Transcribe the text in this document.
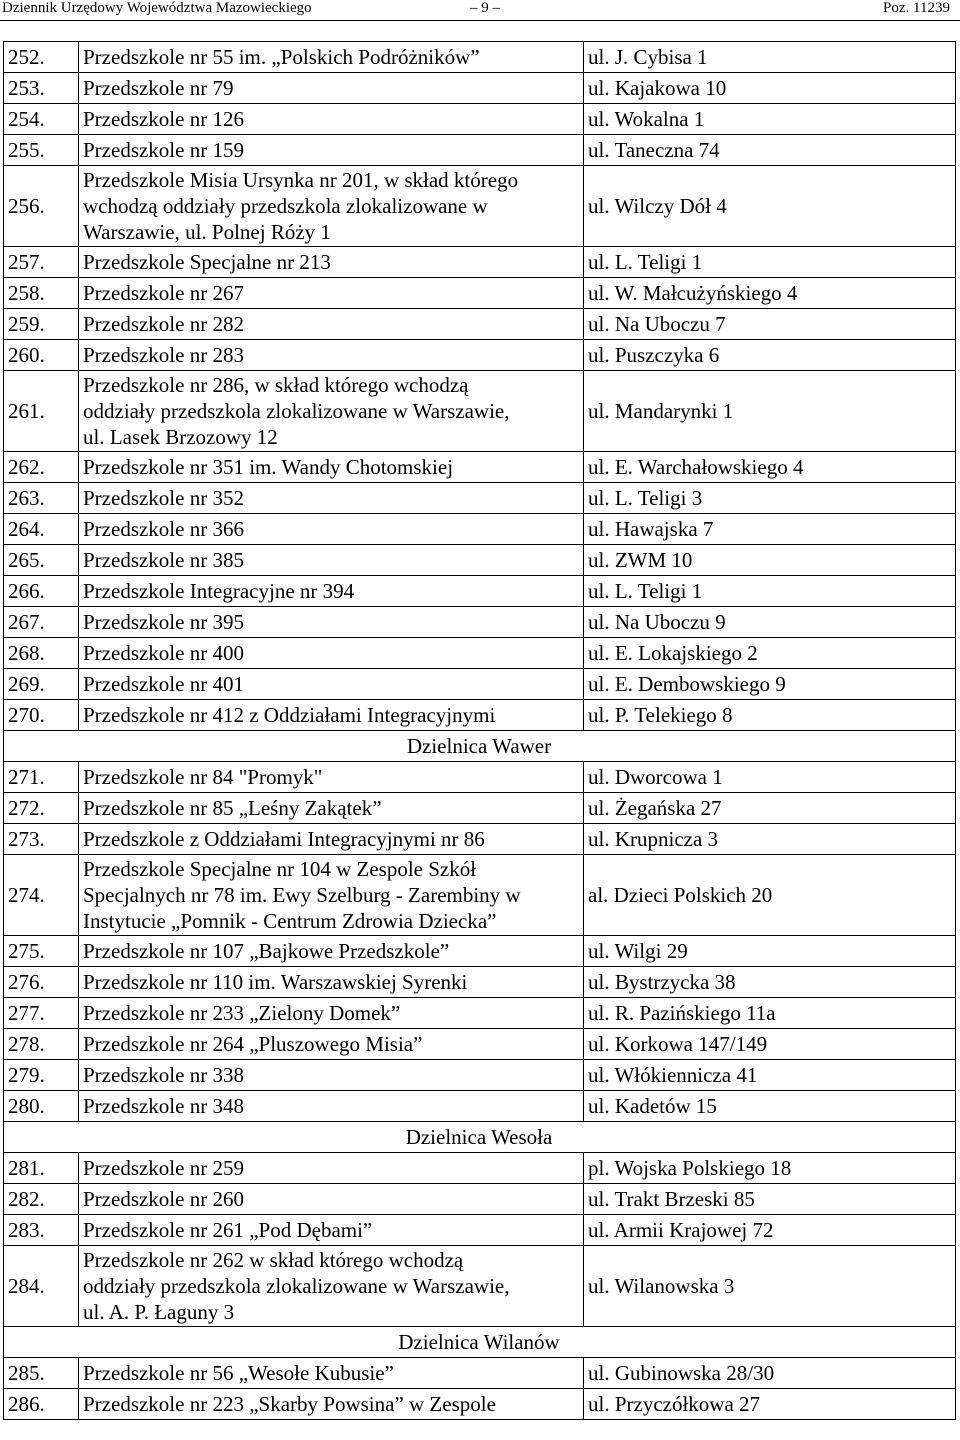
Dziennik Urzędowy Województwa Mazowieckiego	– 9 –	Poz. 11239
252.	Przedszkole nr 55 im. „Polskich Podróżników”	ul. J. Cybisa 1
253.	Przedszkole nr 79	ul. Kajakowa 10
254.	Przedszkole nr 126	ul. Wokalna 1
255.	Przedszkole nr 159	ul. Taneczna 74
256.	Przedszkole Misia Ursynka nr 201, w skład którego
wchodzą oddziały przedszkola zlokalizowane w
Warszawie, ul. Polnej Róży 1	ul. Wilczy Dół 4
257.	Przedszkole Specjalne nr 213	ul. L. Teligi 1
258.	Przedszkole nr 267	ul. W. Małcużyńskiego 4
259.	Przedszkole nr 282	ul. Na Uboczu 7
260.	Przedszkole nr 283	ul. Puszczyka 6
261.	Przedszkole nr 286, w skład którego wchodzą
oddziały przedszkola zlokalizowane w Warszawie,
ul. Lasek Brzozowy 12	ul. Mandarynki 1
262.	Przedszkole nr 351 im. Wandy Chotomskiej	ul. E. Warchałowskiego 4
263.	Przedszkole nr 352	ul. L. Teligi 3
264.	Przedszkole nr 366	ul. Hawajska 7
265.	Przedszkole nr 385	ul. ZWM 10
266.	Przedszkole Integracyjne nr 394	ul. L. Teligi 1
267.	Przedszkole nr 395	ul. Na Uboczu 9
268.	Przedszkole nr 400	ul. E. Lokajskiego 2
269.	Przedszkole nr 401	ul. E. Dembowskiego 9
270.	Przedszkole nr 412 z Oddziałami Integracyjnymi	ul. P. Telekiego 8
Dzielnica Wawer		
271.	Przedszkole nr 84 "Promyk"	ul. Dworcowa 1
272.	Przedszkole nr 85 „Leśny Zakątek”	ul. Żegańska 27
273.	Przedszkole z Oddziałami Integracyjnymi nr 86	ul. Krupnicza 3
274.	Przedszkole Specjalne nr 104 w Zespole Szkół
Specjalnych nr 78 im. Ewy Szelburg - Zarembiny w
Instytucie „Pomnik - Centrum Zdrowia Dziecka”	al. Dzieci Polskich 20
275.	Przedszkole nr 107 „Bajkowe Przedszkole”	ul. Wilgi 29
276.	Przedszkole nr 110 im. Warszawskiej Syrenki	ul. Bystrzycka 38
277.	Przedszkole nr 233 „Zielony Domek”	ul. R. Pazińskiego 11a
278.	Przedszkole nr 264 „Pluszowego Misia”	ul. Korkowa 147/149
279.	Przedszkole nr 338	ul. Włókiennicza 41
280.	Przedszkole nr 348	ul. Kadetów 15
Dzielnica Wesoła		
281.	Przedszkole nr 259	pl. Wojska Polskiego 18
282.	Przedszkole nr 260	ul. Trakt Brzeski 85
283.	Przedszkole nr 261 „Pod Dębami”	ul. Armii Krajowej 72
284.	Przedszkole nr 262 w skład którego wchodzą
oddziały przedszkola zlokalizowane w Warszawie,
ul. A. P. Łaguny 3	ul. Wilanowska 3
Dzielnica Wilanów		
285.	Przedszkole nr 56 „Wesołe Kubusie”	ul. Gubinowska 28/30
286.	Przedszkole nr 223 „Skarby Powsina” w Zespole	ul. Przyczółkowa 27
